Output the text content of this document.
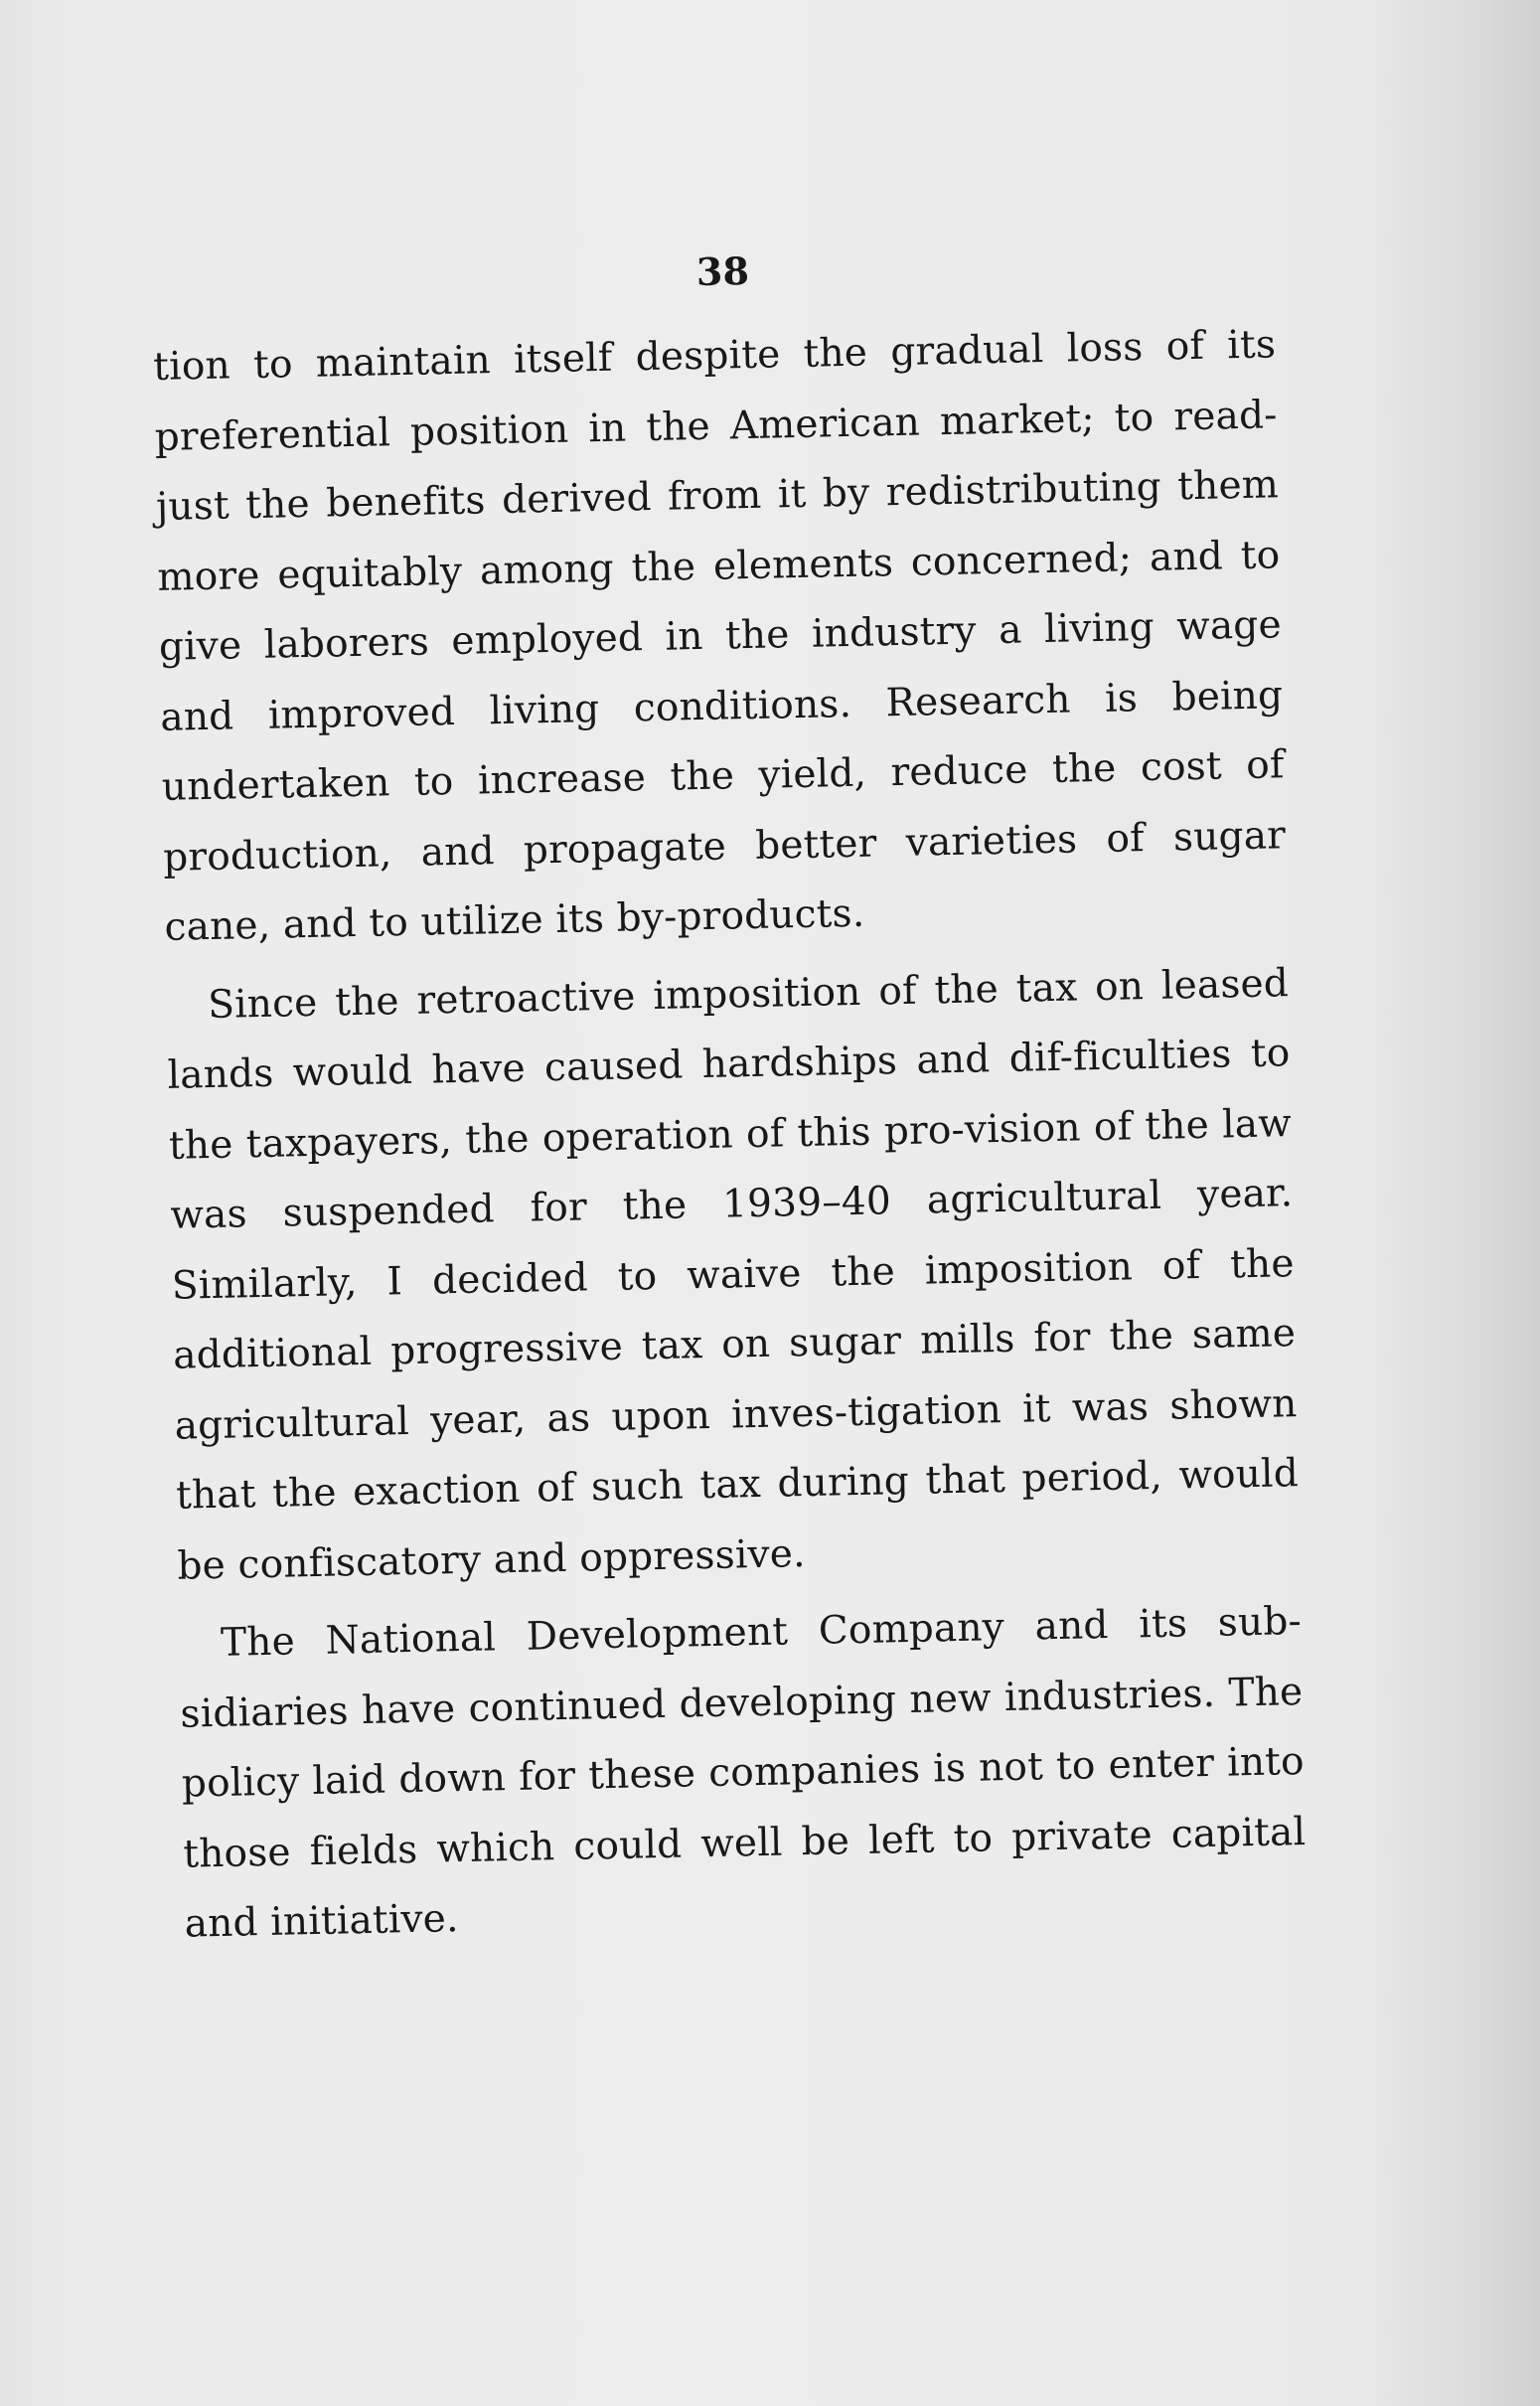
38

tion to maintain itself despite the gradual loss of its preferential position in the American market; to read-just the benefits derived from it by redistributing them more equitably among the elements concerned; and to give laborers employed in the industry a living wage and improved living conditions. Research is being undertaken to increase the yield, reduce the cost of production, and propagate better varieties of sugar cane, and to utilize its by-products.

Since the retroactive imposition of the tax on leased lands would have caused hardships and dif-ficulties to the taxpayers, the operation of this pro-vision of the law was suspended for the 1939–40 agricultural year. Similarly, I decided to waive the imposition of the additional progressive tax on sugar mills for the same agricultural year, as upon inves-tigation it was shown that the exaction of such tax during that period, would be confiscatory and oppressive.

The National Development Company and its sub-sidiaries have continued developing new industries. The policy laid down for these companies is not to enter into those fields which could well be left to private capital and initiative.
